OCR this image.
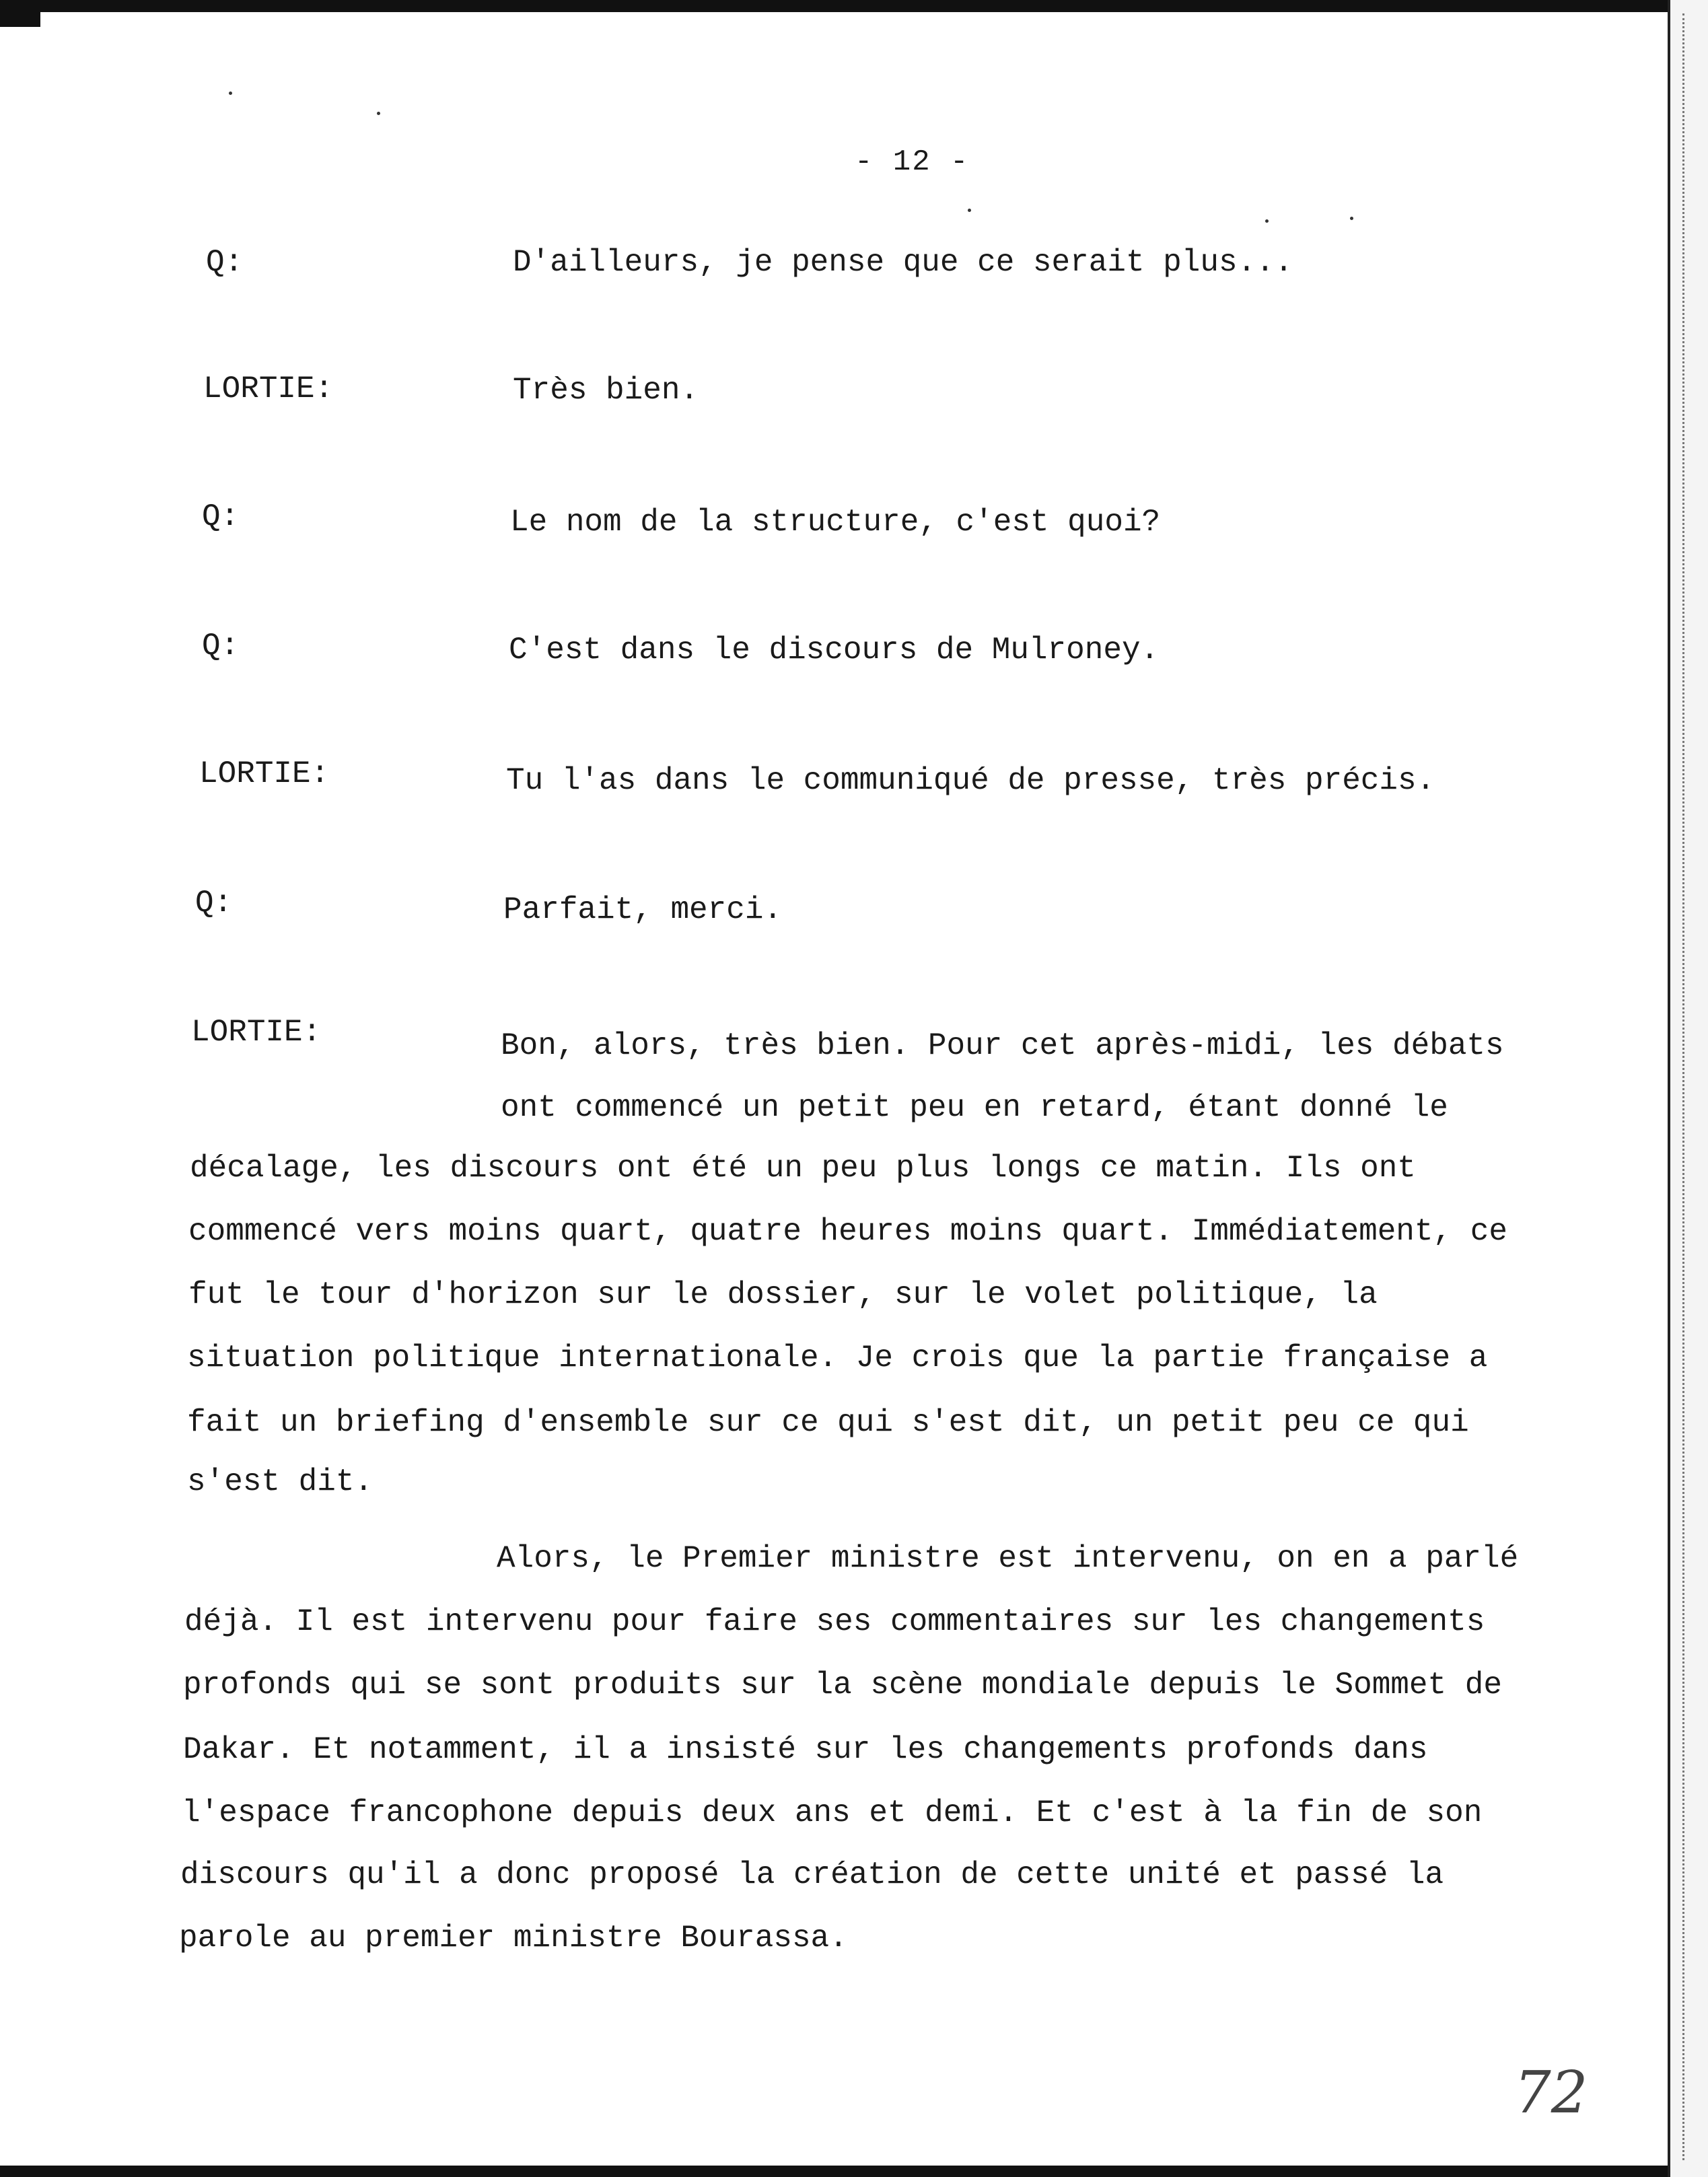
- 12 -
Q:	D'ailleurs, je pense que ce serait plus...
LORTIE:	Très bien.
Q:	Le nom de la structure, c'est quoi?
Q:	C'est dans le discours de Mulroney.
LORTIE:	Tu l'as dans le communiqué de presse, très précis.
Q:	Parfait, merci.
LORTIE:	Bon, alors, très bien. Pour cet après-midi, les débats
ont commencé un petit peu en retard, étant donné le
décalage, les discours ont été un peu plus longs ce matin. Ils ont
commencé vers moins quart, quatre heures moins quart. Immédiatement, ce
fut le tour d'horizon sur le dossier, sur le volet politique, la
situation politique internationale. Je crois que la partie française a
fait un briefing d'ensemble sur ce qui s'est dit, un petit peu ce qui
s'est dit.
Alors, le Premier ministre est intervenu, on en a parlé
déjà. Il est intervenu pour faire ses commentaires sur les changements
profonds qui se sont produits sur la scène mondiale depuis le Sommet de
Dakar. Et notamment, il a insisté sur les changements profonds dans
l'espace francophone depuis deux ans et demi. Et c'est à la fin de son
discours qu'il a donc proposé la création de cette unité et passé la
parole au premier ministre Bourassa.
72
